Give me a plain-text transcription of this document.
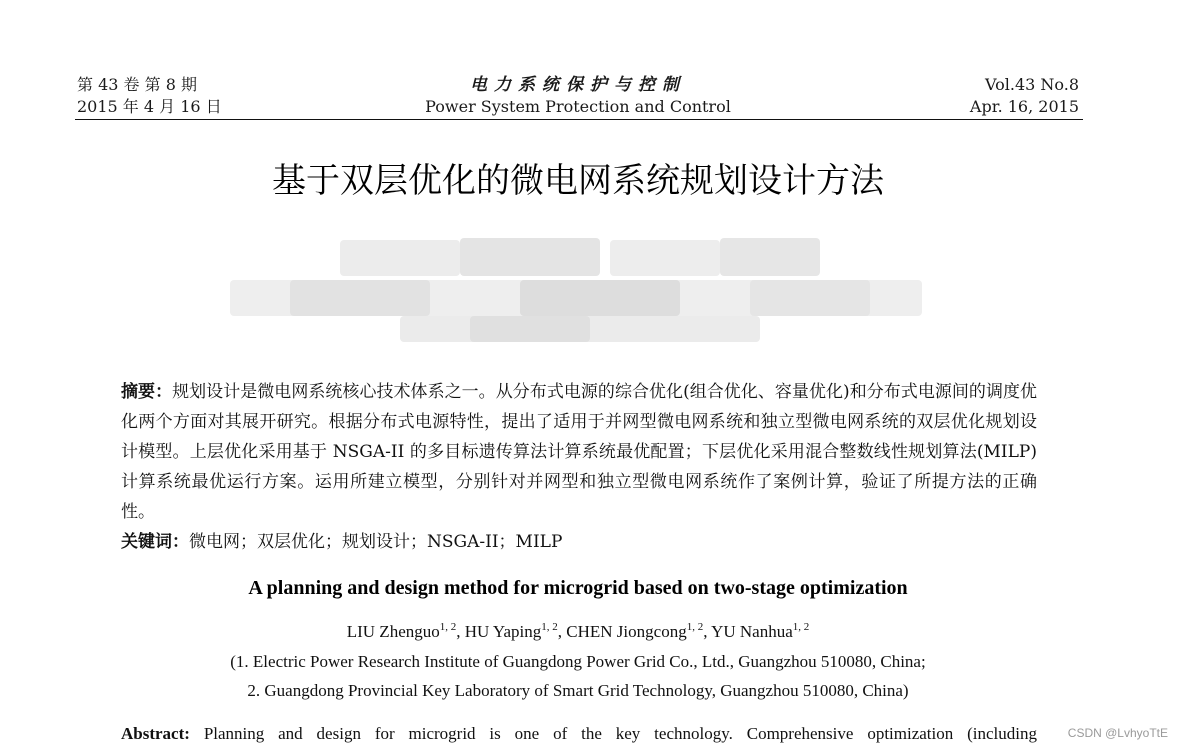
第 43 卷 第 8 期
2015 年 4 月 16 日
电力系统保护与控制
Power System Protection and Control
Vol.43 No.8
Apr. 16, 2015
基于双层优化的微电网系统规划设计方法
摘要：规划设计是微电网系统核心技术体系之一。从分布式电源的综合优化(组合优化、容量优化)和分布式电源间的调度优化两个方面对其展开研究。根据分布式电源特性，提出了适用于并网型微电网系统和独立型微电网系统的双层优化规划设计模型。上层优化采用基于 NSGA-II 的多目标遗传算法计算系统最优配置；下层优化采用混合整数线性规划算法(MILP)计算系统最优运行方案。运用所建立模型，分别针对并网型和独立型微电网系统作了案例计算，验证了所提方法的正确性。
关键词：微电网；双层优化；规划设计；NSGA-II；MILP
A planning and design method for microgrid based on two-stage optimization
LIU Zhenguo$^{1, 2}$, HU Yaping$^{1, 2}$, CHEN Jiongcong$^{1, 2}$, YU Nanhua$^{1, 2}$
(1. Electric Power Research Institute of Guangdong Power Grid Co., Ltd., Guangzhou 510080, China;
2. Guangdong Provincial Key Laboratory of Smart Grid Technology, Guangzhou 510080, China)
Abstract: Planning and design for microgrid is one of the key technology. Comprehensive optimization (including	CSDN @LvhyoTtE
